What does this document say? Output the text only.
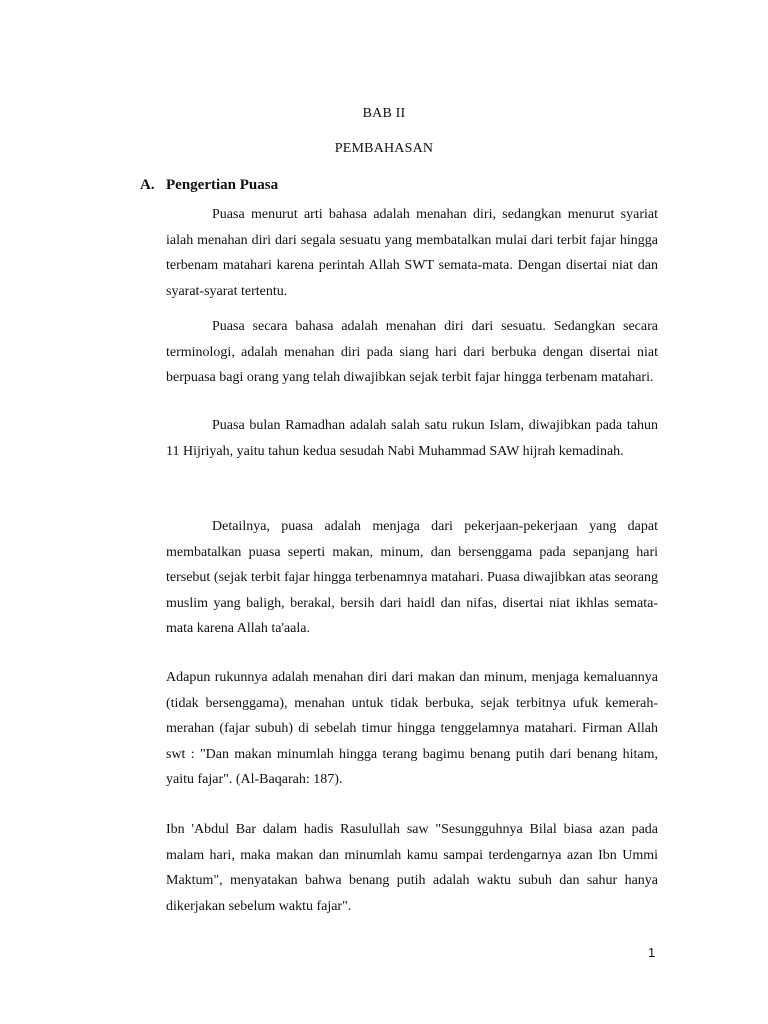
BAB II
PEMBAHASAN
A. Pengertian Puasa

Puasa menurut arti bahasa adalah menahan diri, sedangkan menurut syariat ialah menahan diri dari segala sesuatu yang membatalkan mulai dari terbit fajar hingga terbenam matahari karena perintah Allah SWT semata-mata. Dengan disertai niat dan syarat-syarat tertentu.

Puasa secara bahasa adalah menahan diri dari sesuatu. Sedangkan secara terminologi, adalah menahan diri pada siang hari dari berbuka dengan disertai niat berpuasa bagi orang yang telah diwajibkan sejak terbit fajar hingga terbenam matahari.

Puasa bulan Ramadhan adalah salah satu rukun Islam, diwajibkan pada tahun 11 Hijriyah, yaitu tahun kedua sesudah Nabi Muhammad SAW hijrah kemadinah.

Detailnya, puasa adalah menjaga dari pekerjaan-pekerjaan yang dapat membatalkan puasa seperti makan, minum, dan bersenggama pada sepanjang hari tersebut (sejak terbit fajar hingga terbenamnya matahari. Puasa diwajibkan atas seorang muslim yang baligh, berakal, bersih dari haidl dan nifas, disertai niat ikhlas semata-mata karena Allah ta'aala.

Adapun rukunnya adalah menahan diri dari makan dan minum, menjaga kemaluannya (tidak bersenggama), menahan untuk tidak berbuka, sejak terbitnya ufuk kemerah-merahan (fajar subuh) di sebelah timur hingga tenggelamnya matahari. Firman Allah swt : "Dan makan minumlah hingga terang bagimu benang putih dari benang hitam, yaitu fajar". (Al-Baqarah: 187).

Ibn 'Abdul Bar dalam hadis Rasulullah saw "Sesungguhnya Bilal biasa azan pada malam hari, maka makan dan minumlah kamu sampai terdengarnya azan Ibn Ummi Maktum", menyatakan bahwa benang putih adalah waktu subuh dan sahur hanya dikerjakan sebelum waktu fajar".

1
